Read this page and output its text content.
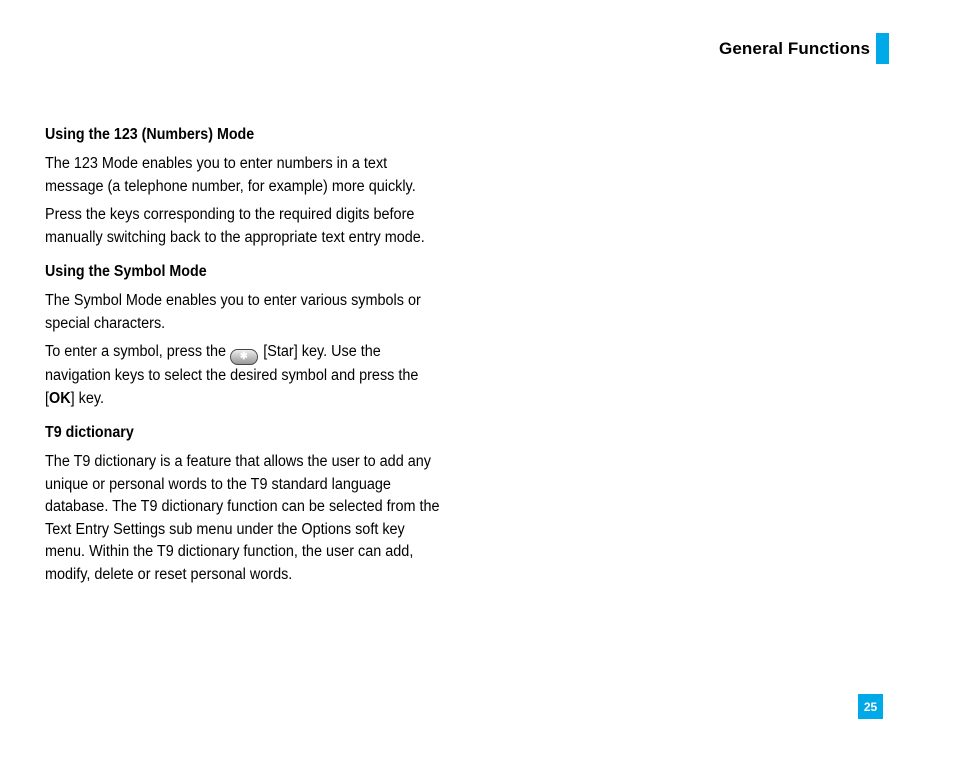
General Functions
Using the 123 (Numbers) Mode

The 123 Mode enables you to enter numbers in a text message (a telephone number, for example) more quickly.

Press the keys corresponding to the required digits before manually switching back to the appropriate text entry mode.

Using the Symbol Mode

The Symbol Mode enables you to enter various symbols or special characters.

To enter a symbol, press the ✱ [Star] key. Use the navigation keys to select the desired symbol and press the [OK] key.

T9 dictionary

The T9 dictionary is a feature that allows the user to add any unique or personal words to the T9 standard language database. The T9 dictionary function can be selected from the Text Entry Settings sub menu under the Options soft key menu. Within the T9 dictionary function, the user can add, modify, delete or reset personal words.

25
